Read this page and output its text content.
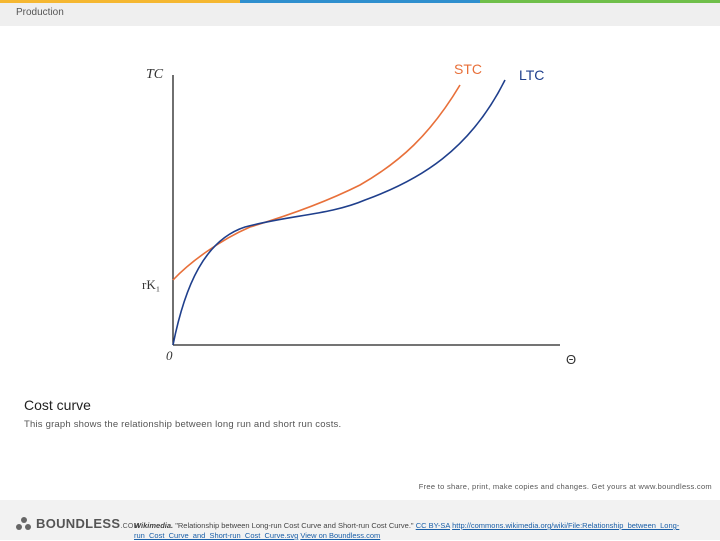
Production
TC
rK₁
0	Θ
STC	LTC
Cost curve
This graph shows the relationship between long run and short run costs.
Free to share, print, make copies and changes. Get yours at www.boundless.com
BOUNDLESS.COM
Wikimedia. "Relationship between Long-run Cost Curve and Short-run Cost Curve." CC BY-SA http://commons.wikimedia.org/wiki/File:Relationship_between_Long-run_Cost_Curve_and_Short-run_Cost_Curve.svg View on Boundless.com
